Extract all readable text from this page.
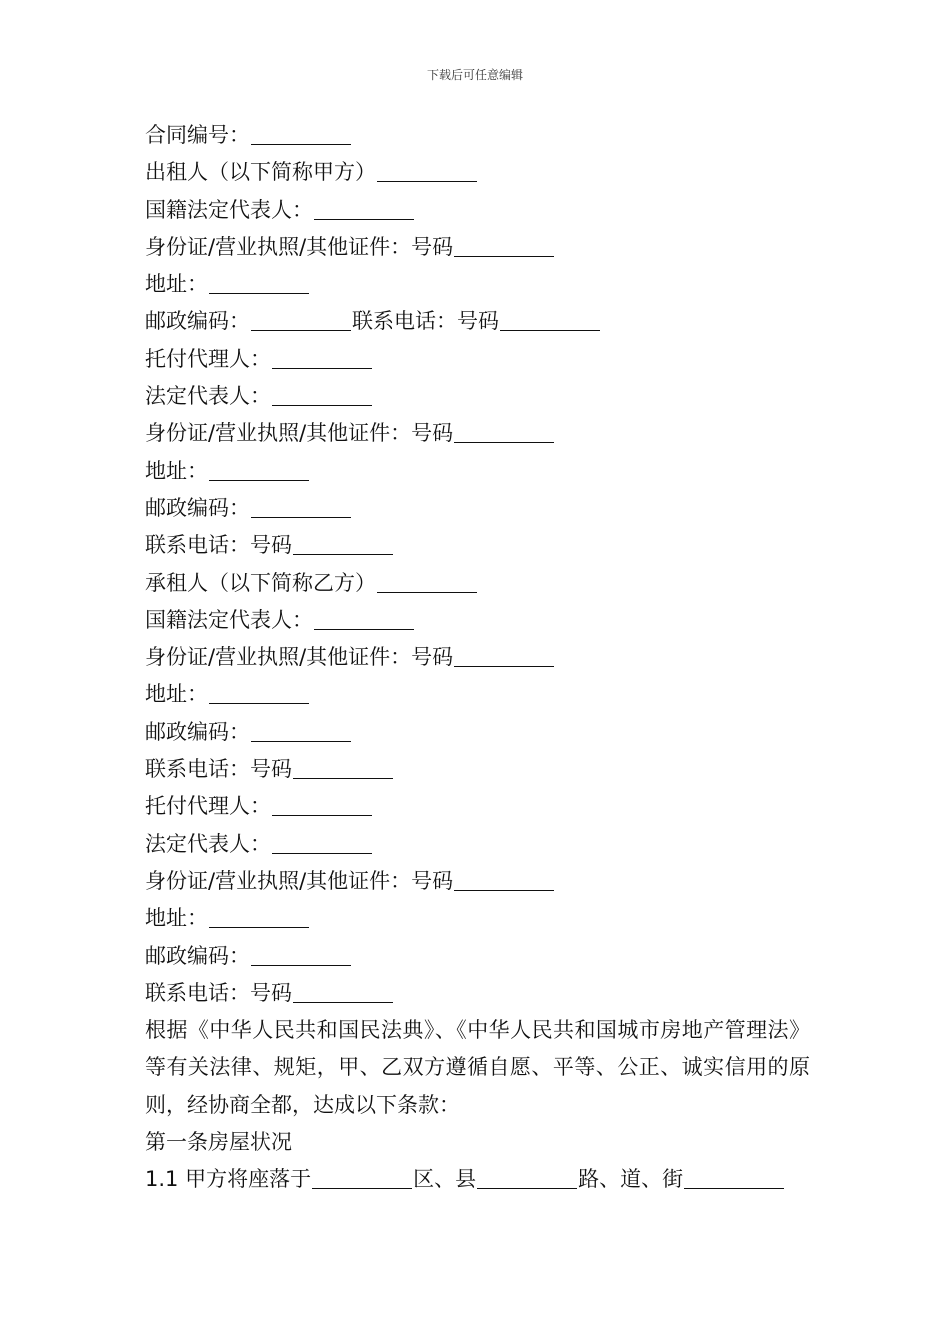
下载后可任意编辑
合同编号：
出租人（以下简称甲方）
国籍法定代表人：
身份证/营业执照/其他证件：号码
地址：
邮政编码：	联系电话：号码
托付代理人：
法定代表人：
身份证/营业执照/其他证件：号码
地址：
邮政编码：
联系电话：号码
承租人（以下简称乙方）
国籍法定代表人：
身份证/营业执照/其他证件：号码
地址：
邮政编码：
联系电话：号码
托付代理人：
法定代表人：
身份证/营业执照/其他证件：号码
地址：
邮政编码：
联系电话：号码
根据《中华人民共和国民法典》、《中华人民共和国城市房地产管理法》等有关法律、规矩，甲、乙双方遵循自愿、平等、公正、诚实信用的原则，经协商全都，达成以下条款：
第一条房屋状况
1.1 甲方将座落于	区、县	路、道、街
